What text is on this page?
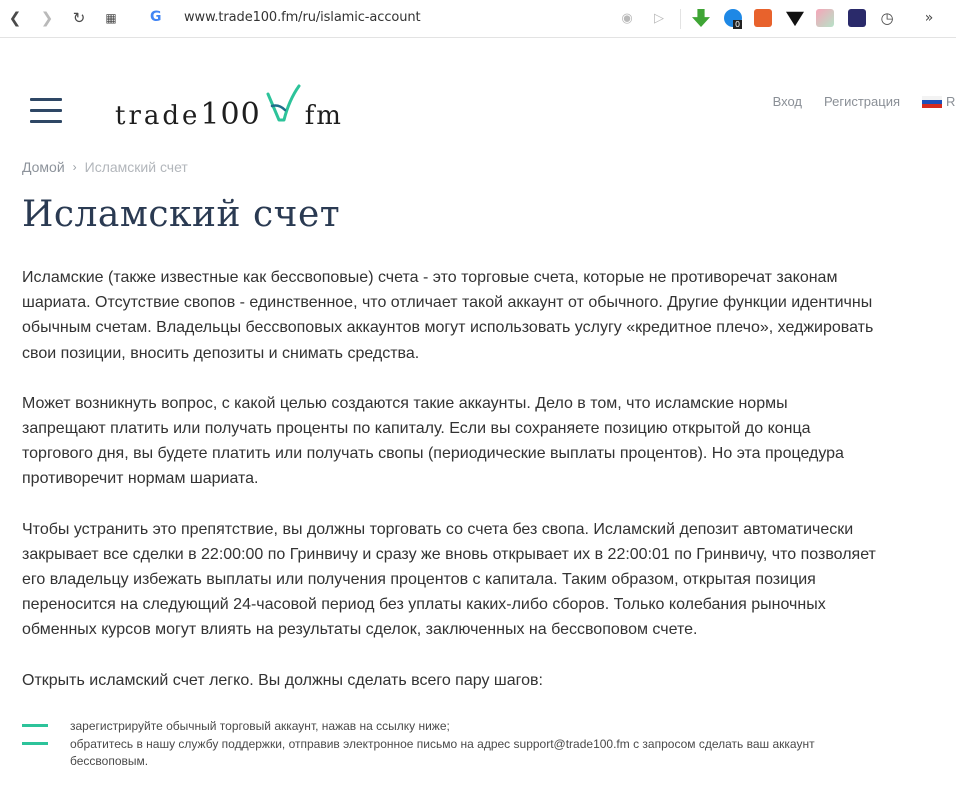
❮	❯	↻	▦	G	www.trade100.fm/ru/islamic-account	◉	▷	0	◷	»
trade 100 fm	Вход Регистрация	R
Домой › Исламский счет
Исламский счет
Исламские (также известные как бессвоповые) счета - это торговые счета, которые не противоречат законам
шариата. Отсутствие свопов - единственное, что отличает такой аккаунт от обычного. Другие функции идентичны
обычным счетам. Владельцы бессвоповых аккаунтов могут использовать услугу «кредитное плечо», хеджировать
свои позиции, вносить депозиты и снимать средства.
Может возникнуть вопрос, с какой целью создаются такие аккаунты. Дело в том, что исламские нормы
запрещают платить или получать проценты по капиталу. Если вы сохраняете позицию открытой до конца
торгового дня, вы будете платить или получать свопы (периодические выплаты процентов). Но эта процедура
противоречит нормам шариата.
Чтобы устранить это препятствие, вы должны торговать со счета без свопа. Исламский депозит автоматически
закрывает все сделки в 22:00:00 по Гринвичу и сразу же вновь открывает их в 22:00:01 по Гринвичу, что позволяет
его владельцу избежать выплаты или получения процентов с капитала. Таким образом, открытая позиция
переносится на следующий 24-часовой период без уплаты каких-либо сборов. Только колебания рыночных
обменных курсов могут влиять на результаты сделок, заключенных на бессвоповом счете.
Открыть исламский счет легко. Вы должны сделать всего пару шагов:
зарегистрируйте обычный торговый аккаунт, нажав на ссылку ниже;
обратитесь в нашу службу поддержки, отправив электронное письмо на адрес support@trade100.fm с запросом сделать ваш аккаунт
бессвоповым.
